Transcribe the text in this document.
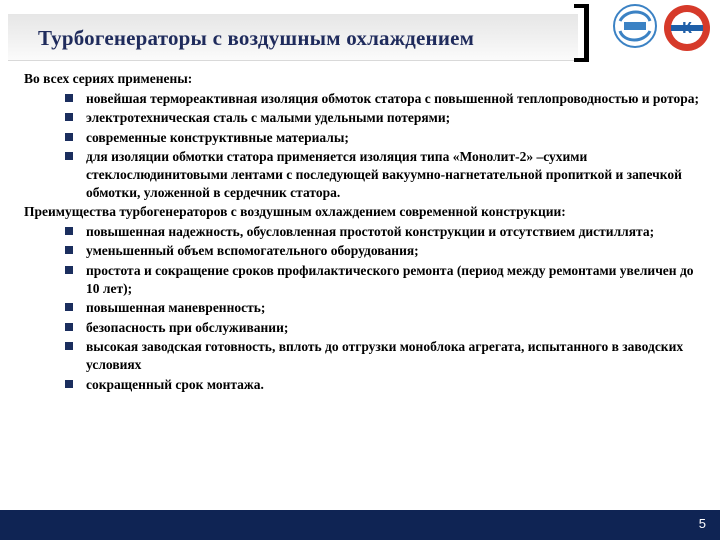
Турбогенераторы с воздушным охлаждением	К

Во всех сериях применены:

новейшая термореактивная изоляция обмоток статора с повышенной теплопроводностью и ротора;
электротехническая сталь с малыми удельными потерями;
современные конструктивные материалы;
для изоляции обмотки статора применяется изоляция типа «Монолит-2» –сухими стеклослюдинитовыми лентами с последующей вакуумно-нагнетательной пропиткой и запечкой обмотки, уложенной в сердечник статора.

Преимущества турбогенераторов с воздушным охлаждением современной конструкции:

повышенная надежность, обусловленная простотой конструкции и отсутствием дистиллята;
уменьшенный объем вспомогательного оборудования;
простота и сокращение сроков профилактического ремонта (период между ремонтами увеличен до 10 лет);
повышенная маневренность;
безопасность при обслуживании;
высокая заводская готовность, вплоть до отгрузки моноблока агрегата, испытанного в заводских условиях
сокращенный срок монтажа.
5
